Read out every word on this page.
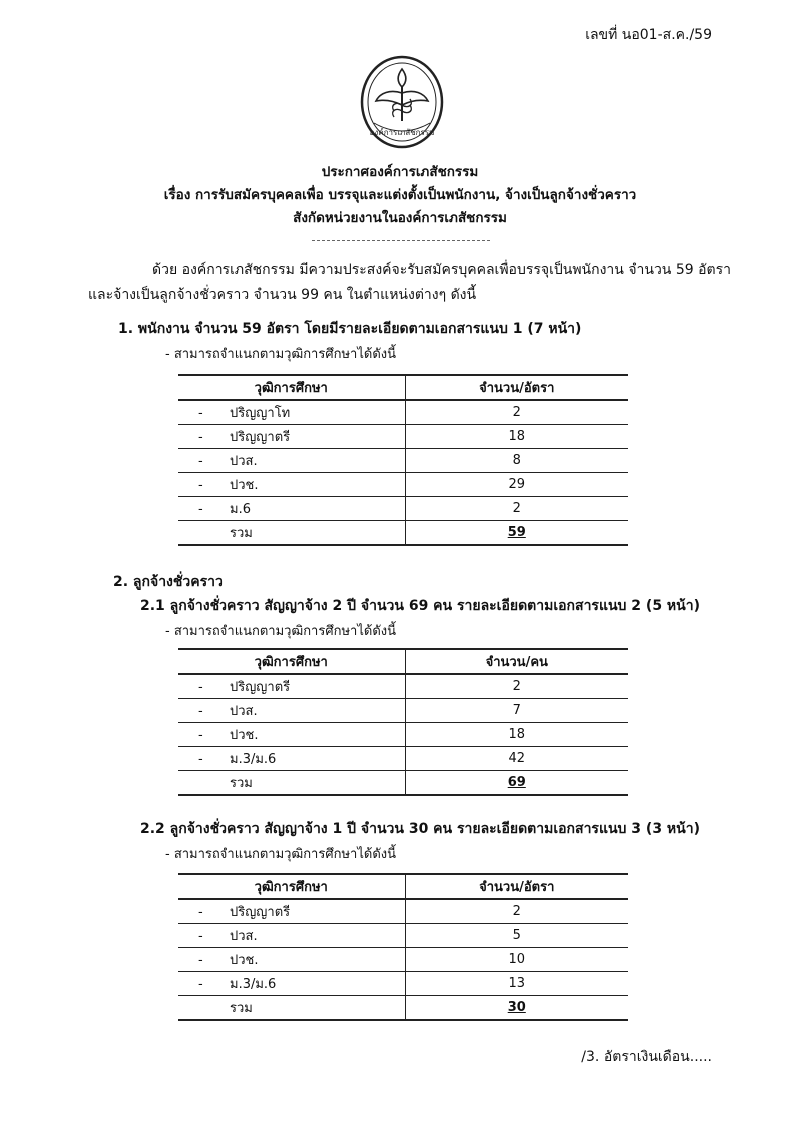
เลขที่ นอ01-ส.ค./59
องค์การเภสัชกรรม
ประกาศองค์การเภสัชกรรม
เรื่อง การรับสมัครบุคคลเพื่อ บรรจุและแต่งตั้งเป็นพนักงาน, จ้างเป็นลูกจ้างชั่วคราว
สังกัดหน่วยงานในองค์การเภสัชกรรม
ด้วย องค์การเภสัชกรรม มีความประสงค์จะรับสมัครบุคคลเพื่อบรรจุเป็นพนักงาน จำนวน 59 อัตรา
และจ้างเป็นลูกจ้างชั่วคราว จำนวน 99 คน ในตำแหน่งต่างๆ ดังนี้
1. พนักงาน จำนวน 59 อัตรา โดยมีรายละเอียดตามเอกสารแนบ 1 (7 หน้า)
- สามารถจำแนกตามวุฒิการศึกษาได้ดังนี้
วุฒิการศึกษา	จำนวน/อัตรา
- ปริญญาโท	2
- ปริญญาตรี	18
- ปวส.	8
- ปวช.	29
- ม.6	2
รวม	59
2. ลูกจ้างชั่วคราว
2.1 ลูกจ้างชั่วคราว สัญญาจ้าง 2 ปี จำนวน 69 คน รายละเอียดตามเอกสารแนบ 2 (5 หน้า)
- สามารถจำแนกตามวุฒิการศึกษาได้ดังนี้
วุฒิการศึกษา	จำนวน/คน
- ปริญญาตรี	2
- ปวส.	7
- ปวช.	18
- ม.3/ม.6	42
รวม	69
2.2 ลูกจ้างชั่วคราว สัญญาจ้าง 1 ปี จำนวน 30 คน รายละเอียดตามเอกสารแนบ 3 (3 หน้า)
- สามารถจำแนกตามวุฒิการศึกษาได้ดังนี้
วุฒิการศึกษา	จำนวน/อัตรา
- ปริญญาตรี	2
- ปวส.	5
- ปวช.	10
- ม.3/ม.6	13
รวม	30
/3. อัตราเงินเดือน.....
